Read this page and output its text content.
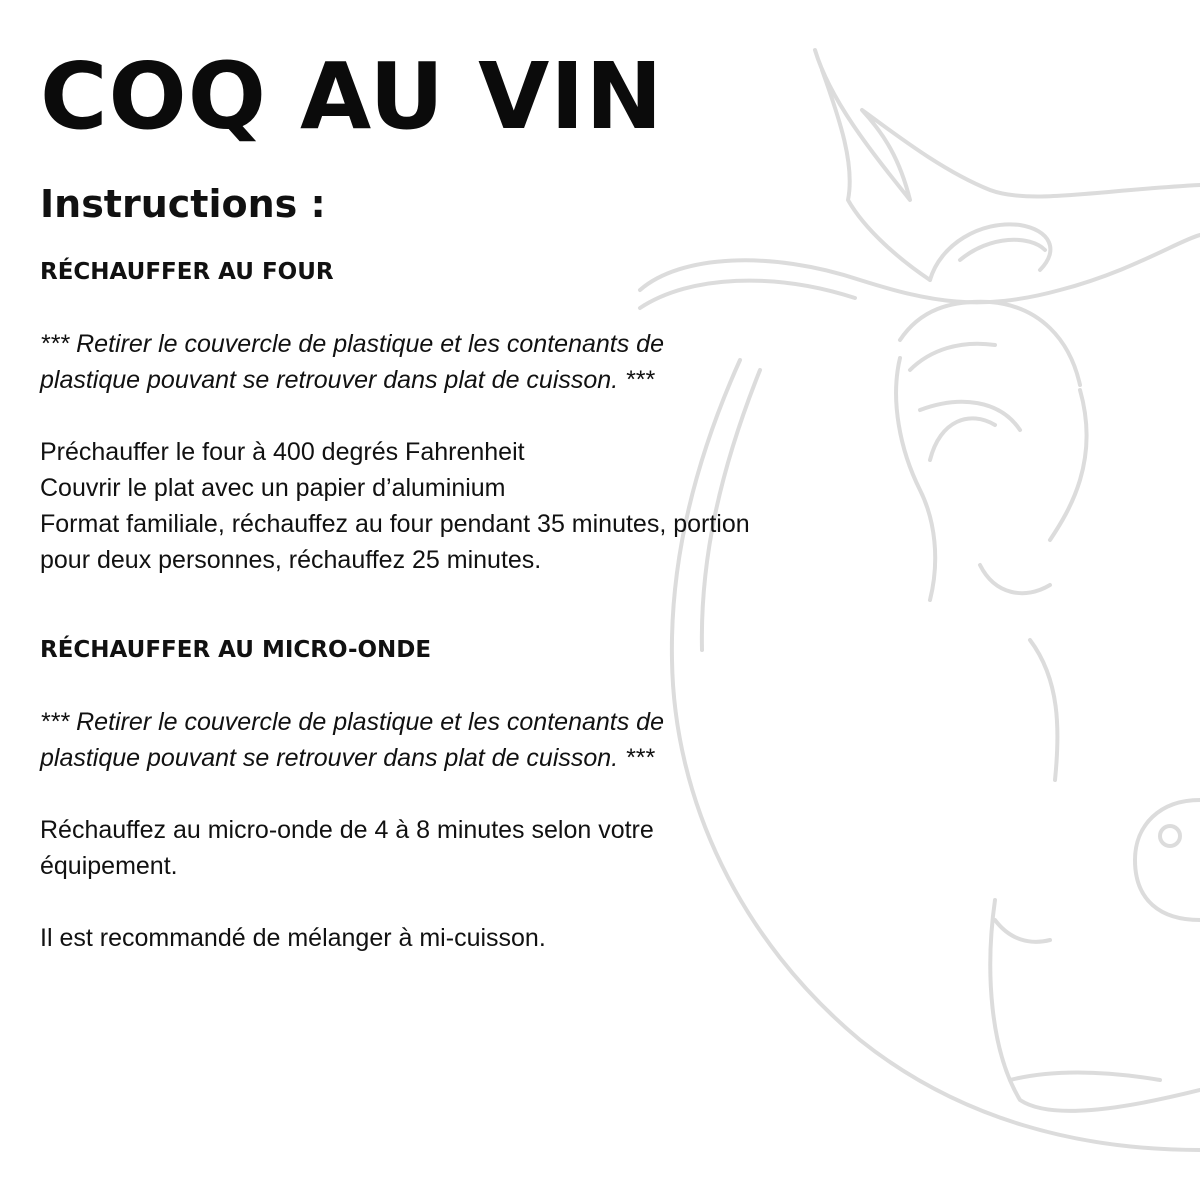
COQ AU VIN
Instructions :
RÉCHAUFFER AU FOUR
*** Retirer le couvercle de plastique et les contenants de plastique pouvant se retrouver dans plat de cuisson. ***
Préchauffer le four à 400 degrés Fahrenheit
Couvrir le plat avec un papier d’aluminium
Format familiale, réchauffez au four pendant 35 minutes, portion pour deux personnes, réchauffez 25 minutes.
RÉCHAUFFER AU MICRO-ONDE
*** Retirer le couvercle de plastique et les contenants de plastique pouvant se retrouver dans plat de cuisson. ***
Réchauffez au micro-onde de 4 à 8 minutes selon votre équipement.
Il est recommandé de mélanger à mi-cuisson.
